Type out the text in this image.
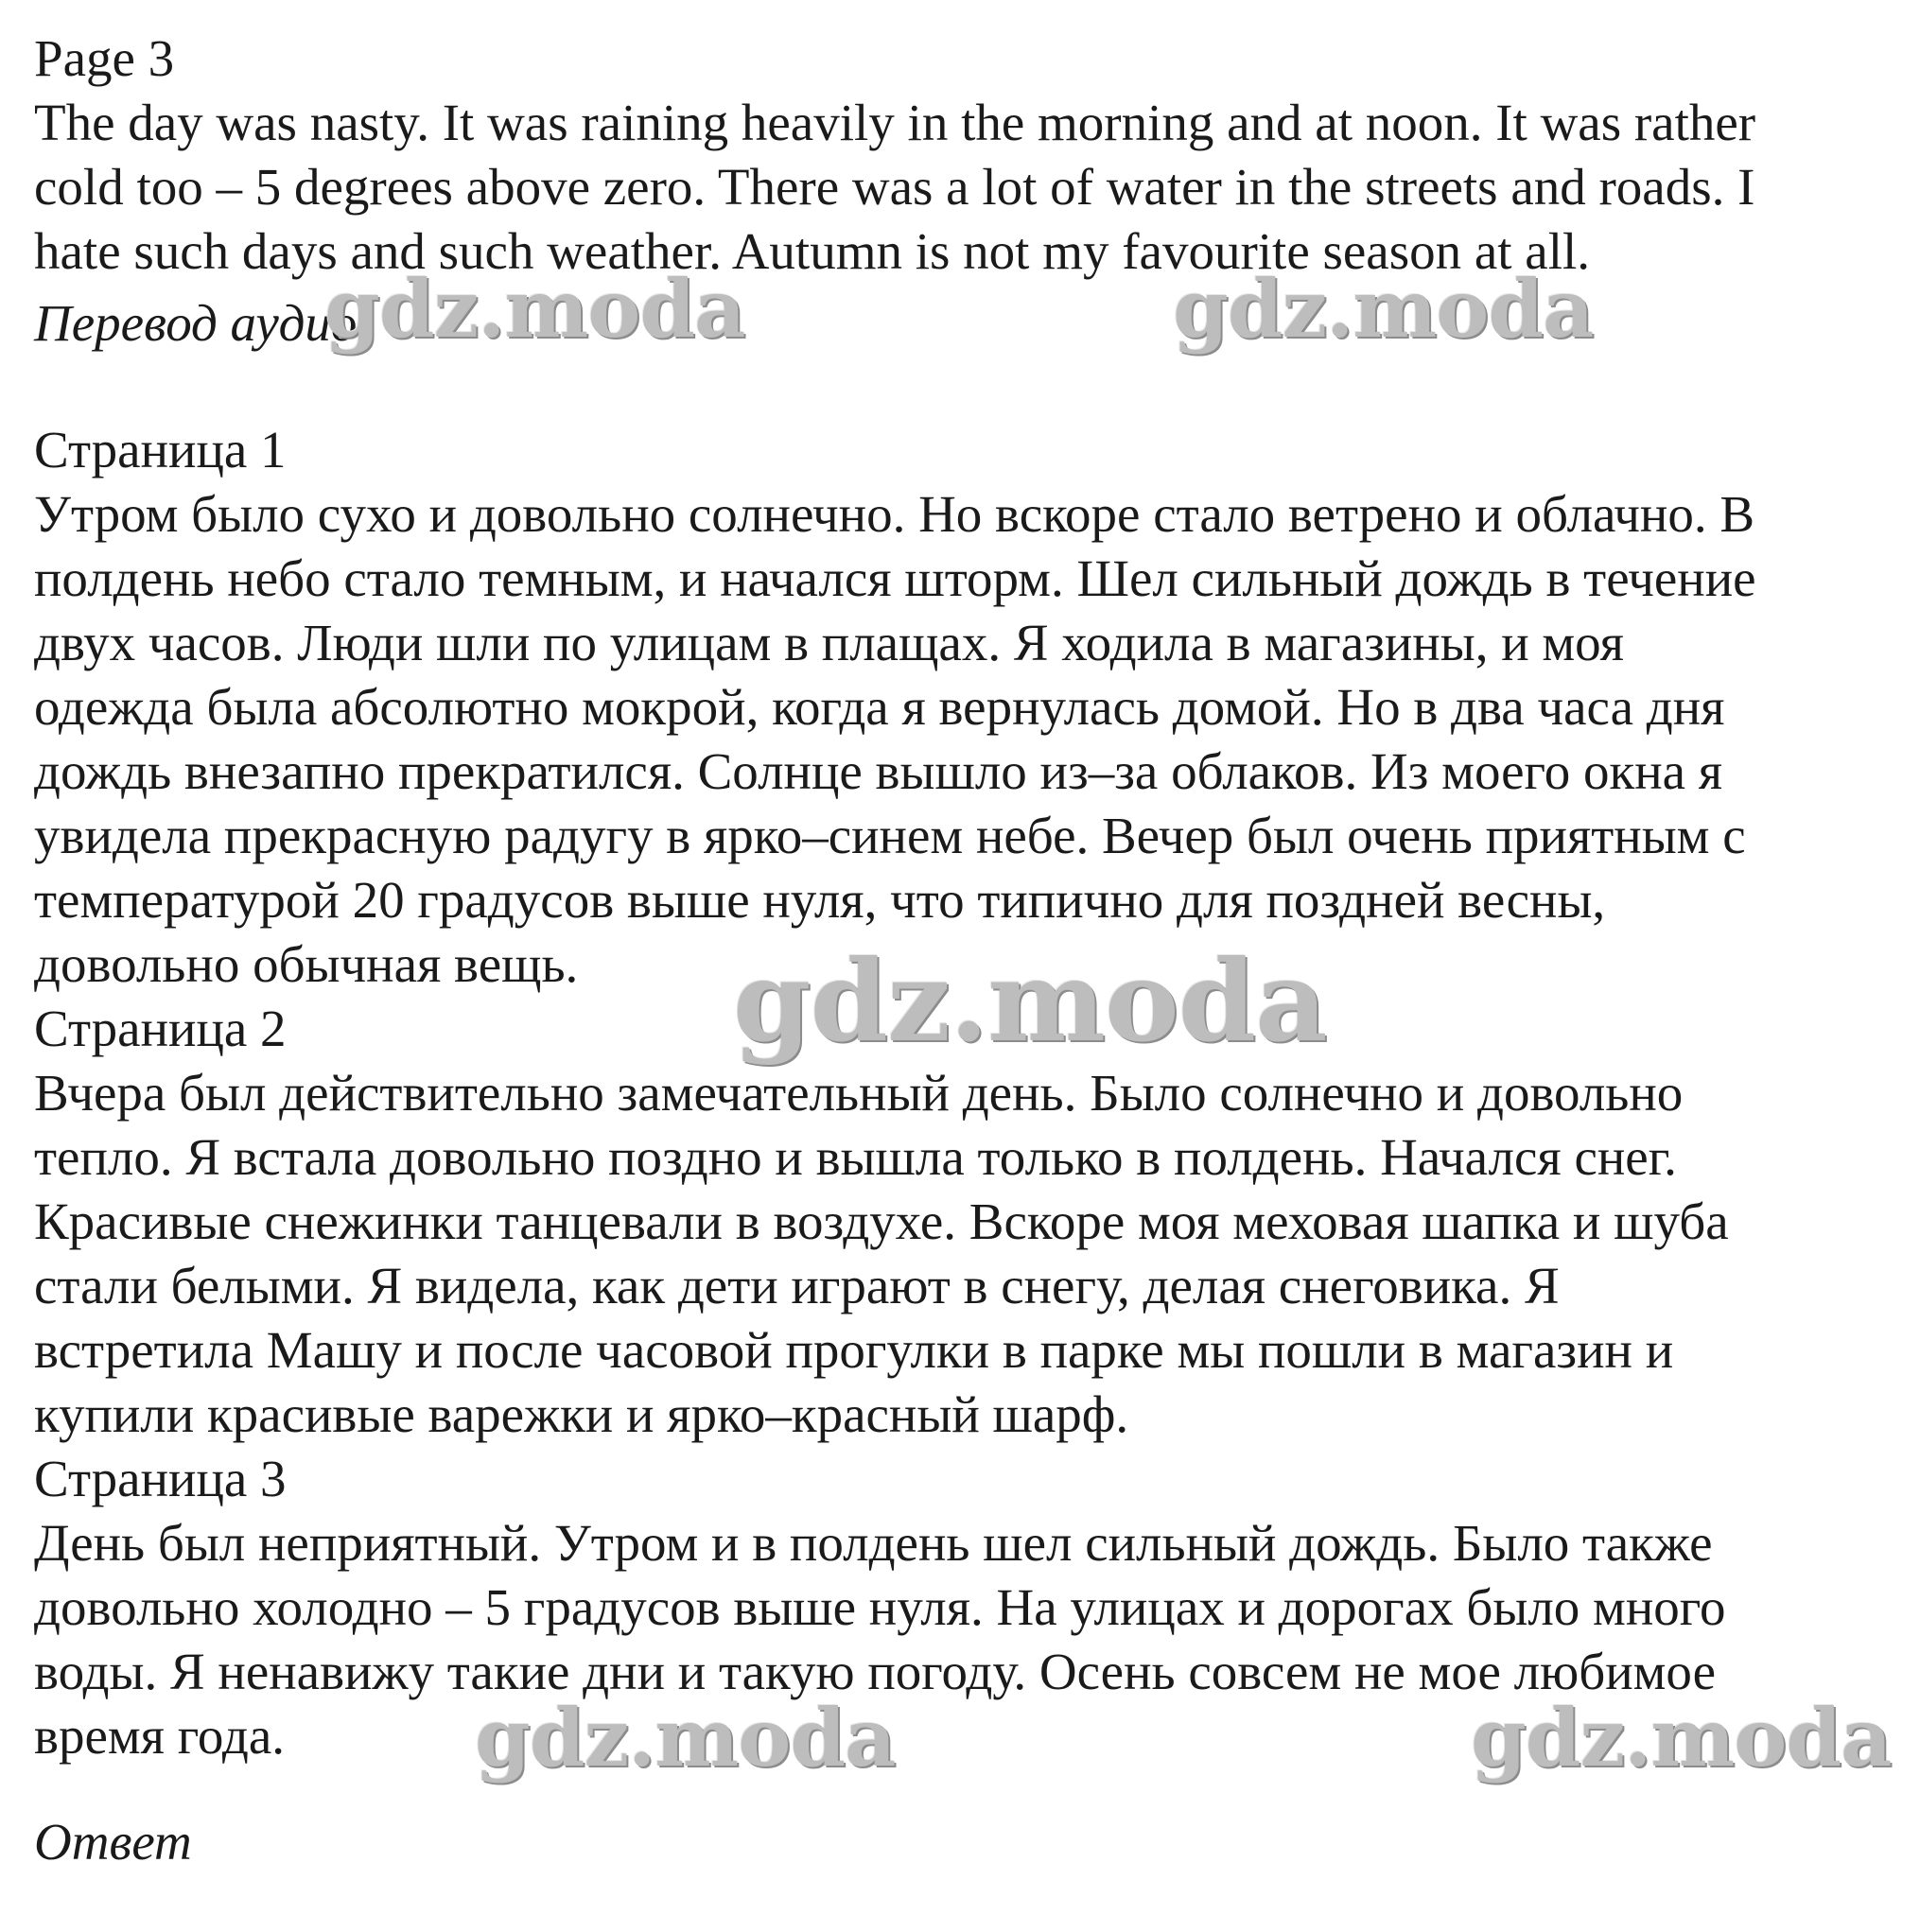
Page 3
The day was nasty. It was raining heavily in the morning and at noon. It was rather
cold too – 5 degrees above zero. There was a lot of water in the streets and roads. I
hate such days and such weather. Autumn is not my favourite season at all.
Перевод аудио
Страница 1
Утром было сухо и довольно солнечно. Но вскоре стало ветрено и облачно. В
полдень небо стало темным, и начался шторм. Шел сильный дождь в течение
двух часов. Люди шли по улицам в плащах. Я ходила в магазины, и моя
одежда была абсолютно мокрой, когда я вернулась домой. Но в два часа дня
дождь внезапно прекратился. Солнце вышло из–за облаков. Из моего окна я
увидела прекрасную радугу в ярко–синем небе. Вечер был очень приятным с
температурой 20 градусов выше нуля, что типично для поздней весны,
довольно обычная вещь.
Страница 2
Вчера был действительно замечательный день. Было солнечно и довольно
тепло. Я встала довольно поздно и вышла только в полдень. Начался снег.
Красивые снежинки танцевали в воздухе. Вскоре моя меховая шапка и шуба
стали белыми. Я видела, как дети играют в снегу, делая снеговика. Я
встретила Машу и после часовой прогулки в парке мы пошли в магазин и
купили красивые варежки и ярко–красный шарф.
Страница 3
День был неприятный. Утром и в полдень шел сильный дождь. Было также
довольно холодно – 5 градусов выше нуля. На улицах и дорогах было много
воды. Я ненавижу такие дни и такую погоду. Осень совсем не мое любимое
время года.
Ответ
gdz.moda	gdz.moda
gdz.moda
gdz.moda	gdz.moda
